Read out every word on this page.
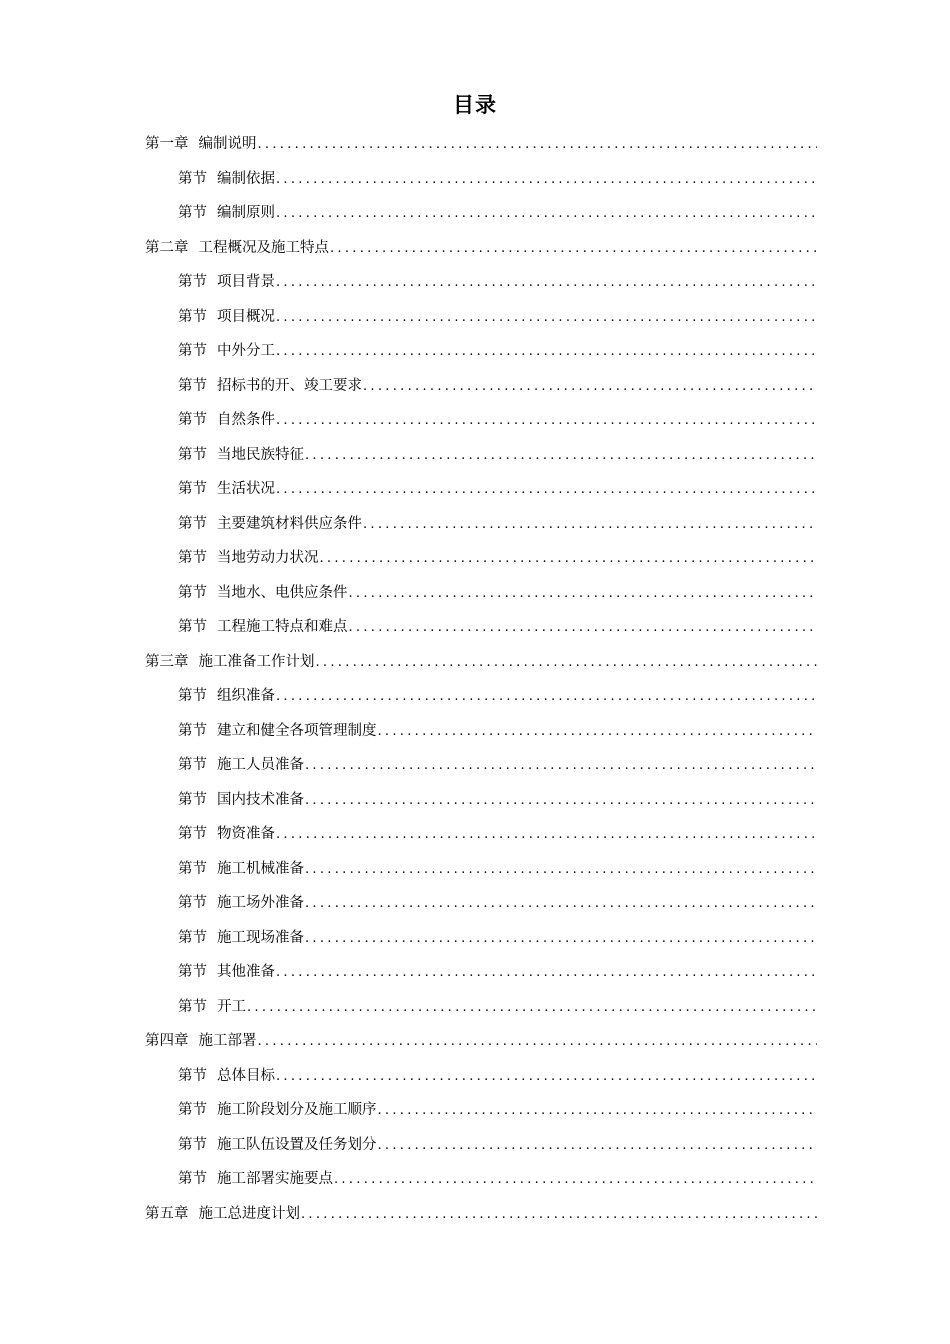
目录
第一章 编制说明
.....
第节 编制依据
.....
第节 编制原则
.....
第二章 工程概况及施工特点
.....
第节 项目背景
.....
第节 项目概况
.....
第节 中外分工
.....
第节 招标书的开、竣工要求
.....
第节 自然条件
.....
第节 当地民族特征
.....
第节 生活状况
.....
第节 主要建筑材料供应条件
.....
第节 当地劳动力状况
.....
第节 当地水、电供应条件
.....
第节 工程施工特点和难点
.....
第三章 施工准备工作计划
.....
第节 组织准备
.....
第节 建立和健全各项管理制度
.....
第节 施工人员准备
.....
第节 国内技术准备
.....
第节 物资准备
.....
第节 施工机械准备
.....
第节 施工场外准备
.....
第节 施工现场准备
.....
第节 其他准备
.....
第节 开工
.....
第四章 施工部署
.....
第节 总体目标
.....
第节 施工阶段划分及施工顺序
.....
第节 施工队伍设置及任务划分
.....
第节 施工部署实施要点
.....
第五章 施工总进度计划
.....
